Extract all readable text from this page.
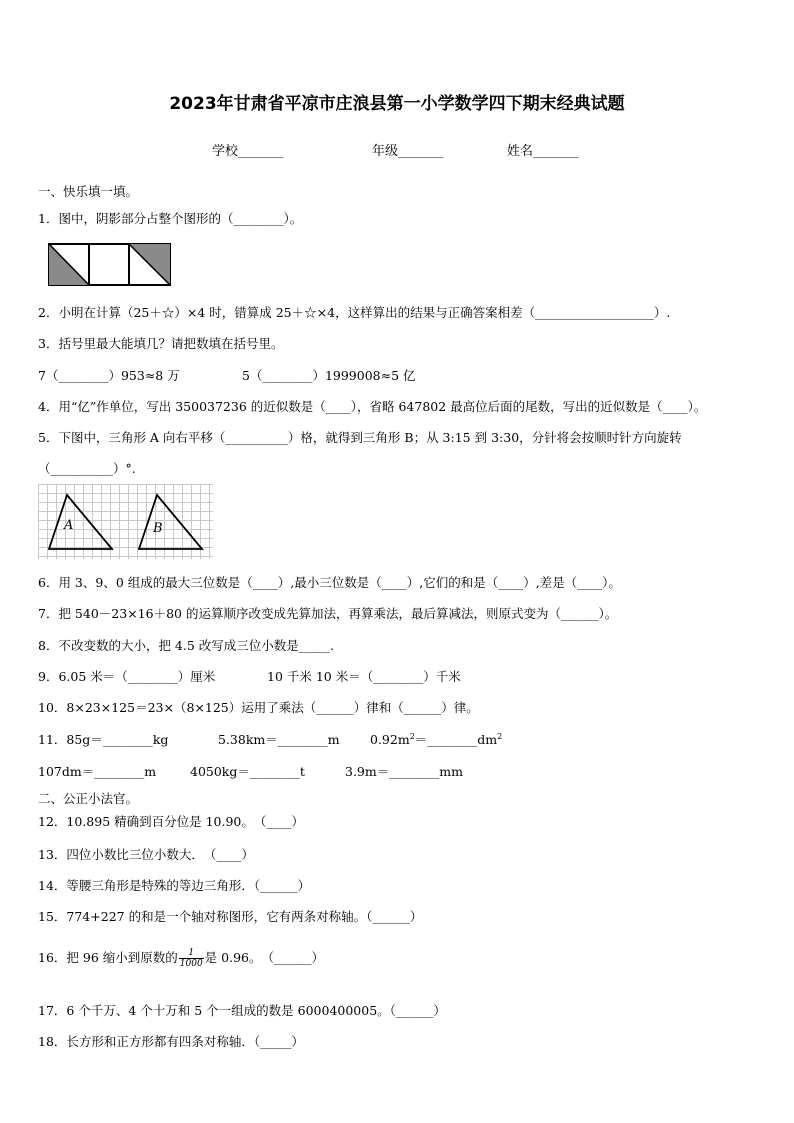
2023年甘肃省平凉市庄浪县第一小学数学四下期末经典试题
学校_______	年级_______	姓名_______
一、快乐填一填。
1．图中，阴影部分占整个图形的（________）。
2．小明在计算（25＋☆）×4 时，错算成 25＋☆×4，这样算出的结果与正确答案相差（___________________）.
3．括号里最大能填几？请把数填在括号里。
7（________）953≈8 万	5（________）1999008≈5 亿
4．用“亿”作单位，写出 350037236 的近似数是（____），省略 647802 最高位后面的尾数，写出的近似数是（____）。
5．下图中，三角形 A 向右平移（__________）格，就得到三角形 B；从 3:15 到 3:30，分针将会按顺时针方向旋转
（__________）°.
A	B
6．用 3、9、0 组成的最大三位数是（____）,最小三位数是（____）,它们的和是（____）,差是（____）。
7．把 540－23×16＋80 的运算顺序改变成先算加法，再算乘法，最后算减法，则原式变为（______）。
8．不改变数的大小，把 4.5 改写成三位小数是_____.
9．6.05 米＝（________）厘米	10 千米 10 米＝（________）千米
10．8×23×125＝23×（8×125）运用了乘法（______）律和（______）律。
11．85g＝________kg	5.38km＝________m $0.92m^2=\_\_\_\_\_\_\_\_dm^2$
107dm＝________m	4050kg＝________t	3.9m＝________mm
二、公正小法官。
12．10.895 精确到百分位是 10.90。　（____）
13．四位小数比三位小数大．　（____）
14．等腰三角形是特殊的等边三角形．（______）
15．774+227 的和是一个轴对称图形，它有两条对称轴。（______）
16．把 96 缩小到原数的 $\frac{1}{1000}$ 是 0.96。　（______）
17．6 个千万、4 个十万和 5 个一组成的数是 6000400005。（______）
18．长方形和正方形都有四条对称轴．（_____）
